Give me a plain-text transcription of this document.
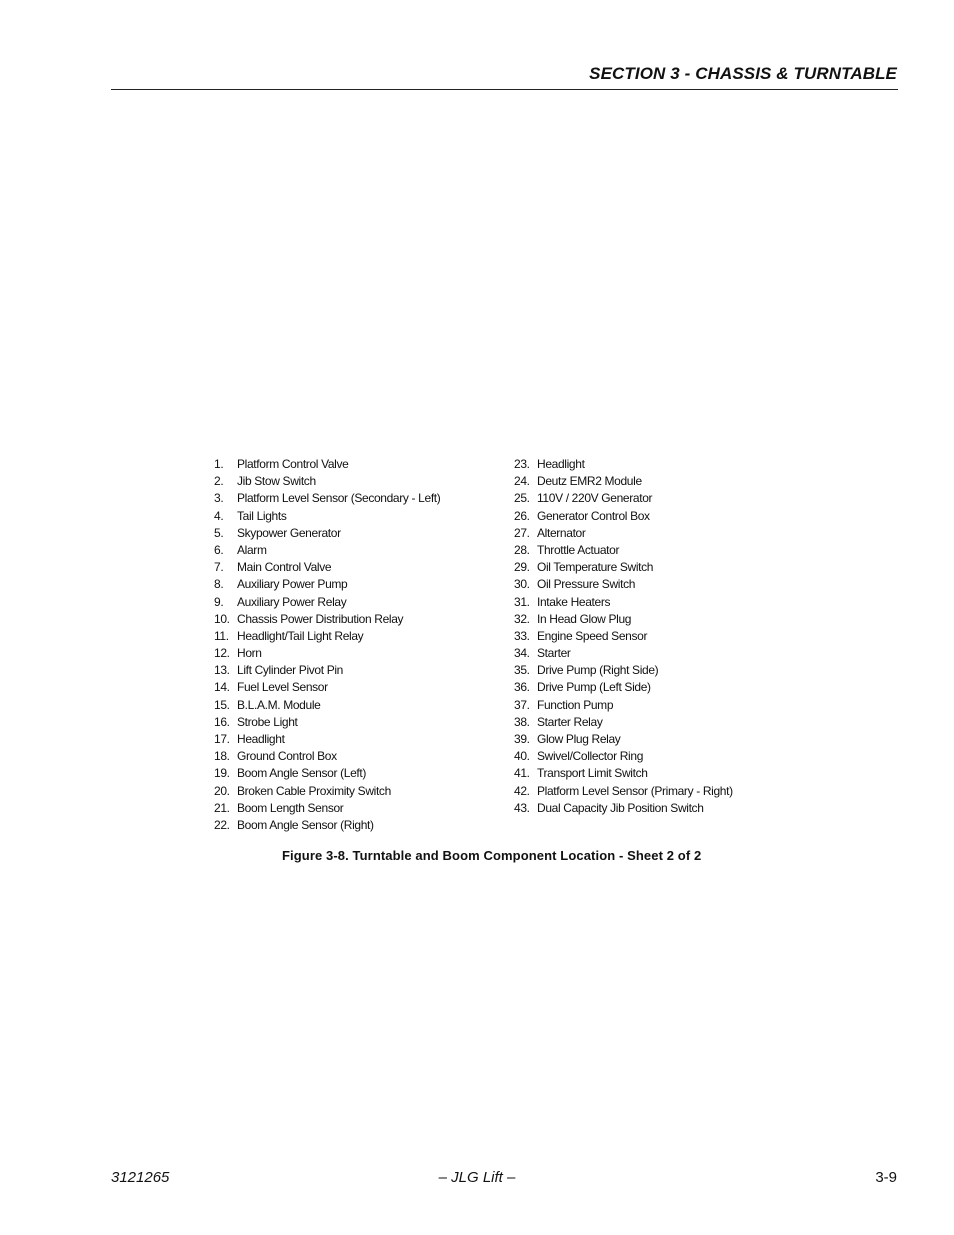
SECTION 3 - CHASSIS & TURNTABLE
1. Platform Control Valve
2. Jib Stow Switch
3. Platform Level Sensor (Secondary - Left)
4. Tail Lights
5. Skypower Generator
6. Alarm
7. Main Control Valve
8. Auxiliary Power Pump
9. Auxiliary Power Relay
10. Chassis Power Distribution Relay
11. Headlight/Tail Light Relay
12. Horn
13. Lift Cylinder Pivot Pin
14. Fuel Level Sensor
15. B.L.A.M. Module
16. Strobe Light
17. Headlight
18. Ground Control Box
19. Boom Angle Sensor (Left)
20. Broken Cable Proximity Switch
21. Boom Length Sensor
22. Boom Angle Sensor (Right)
23. Headlight
24. Deutz EMR2 Module
25. 110V / 220V Generator
26. Generator Control Box
27. Alternator
28. Throttle Actuator
29. Oil Temperature Switch
30. Oil Pressure Switch
31. Intake Heaters
32. In Head Glow Plug
33. Engine Speed Sensor
34. Starter
35. Drive Pump (Right Side)
36. Drive Pump (Left Side)
37. Function Pump
38. Starter Relay
39. Glow Plug Relay
40. Swivel/Collector Ring
41. Transport Limit Switch
42. Platform Level Sensor (Primary - Right)
43. Dual Capacity Jib Position Switch
Figure 3-8. Turntable and Boom Component Location - Sheet 2 of 2
3121265	– JLG Lift –	3-9
